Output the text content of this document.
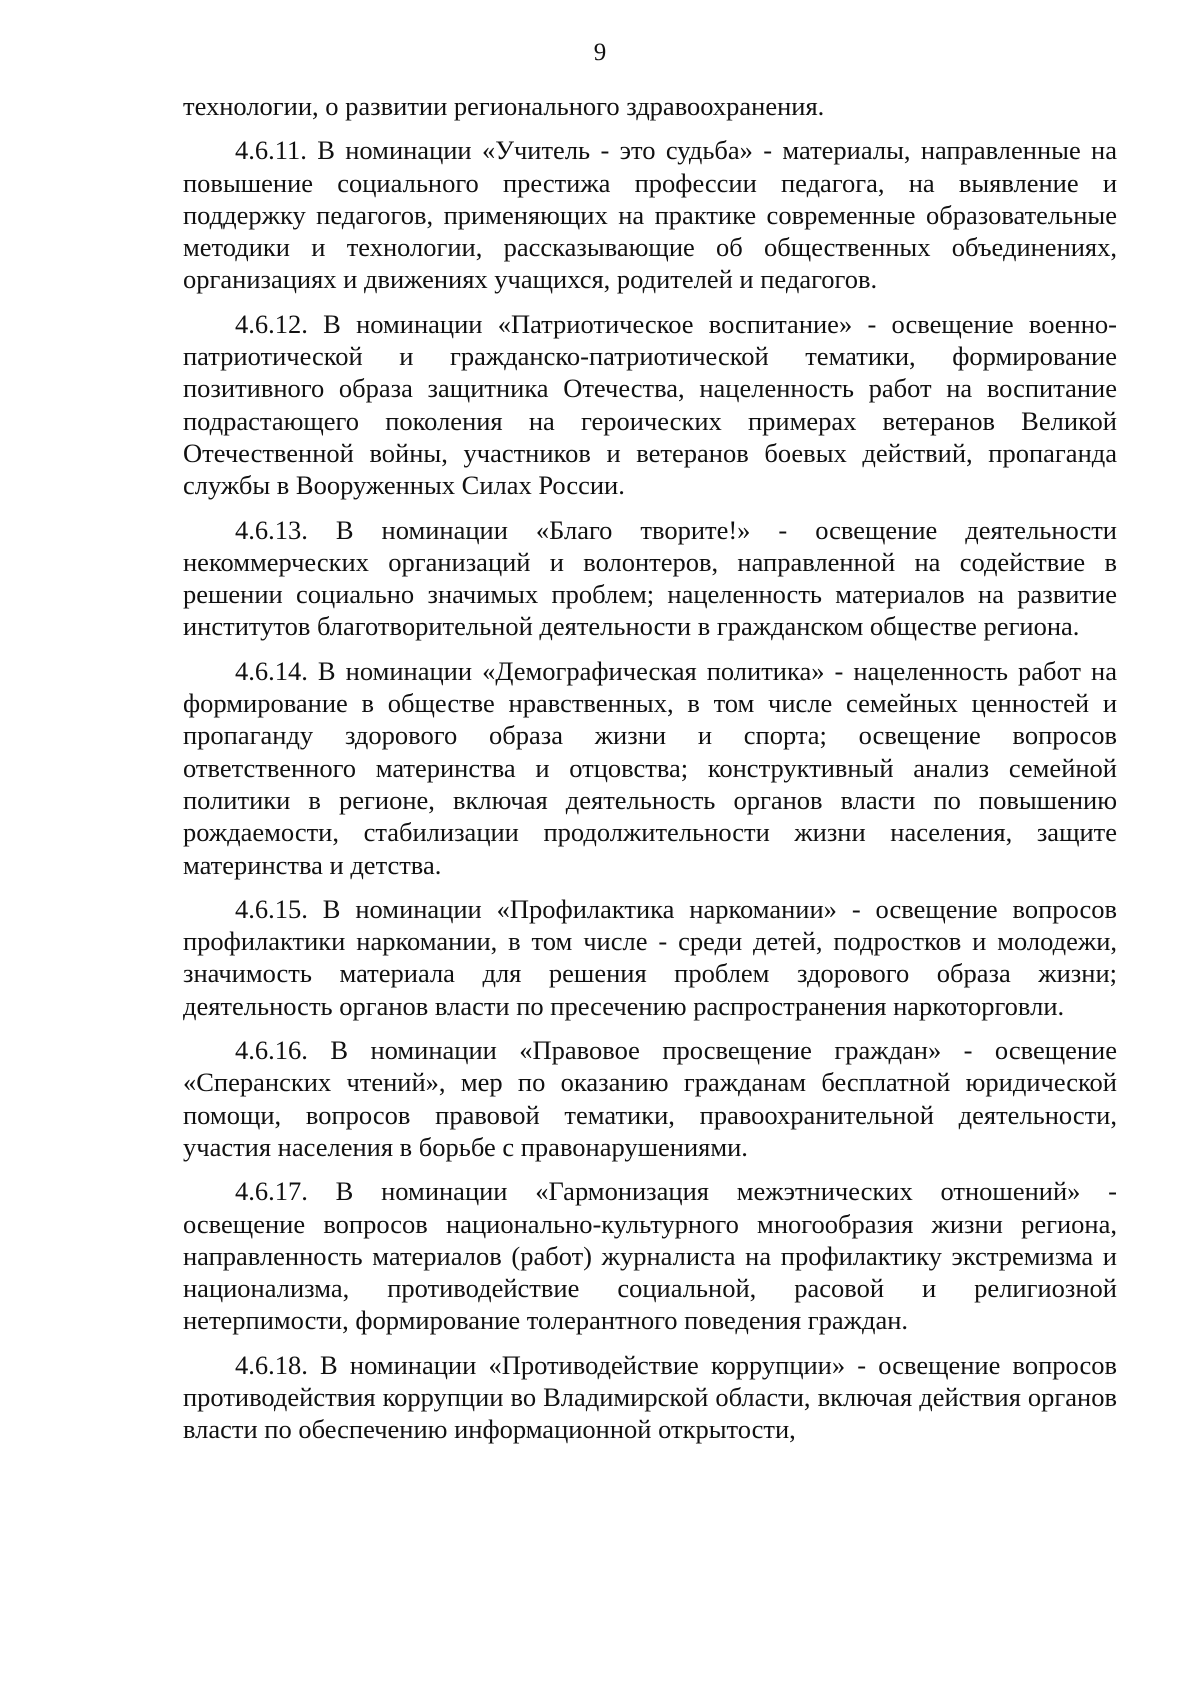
9

технологии, о развитии регионального здравоохранения.

4.6.11. В номинации «Учитель - это судьба» - материалы, направленные на повышение социального престижа профессии педагога, на выявление и поддержку педагогов, применяющих на практике современные образовательные методики и технологии, рассказывающие об общественных объединениях, организациях и движениях учащихся, родителей и педагогов.

4.6.12. В номинации «Патриотическое воспитание» - освещение военно-патриотической и гражданско-патриотической тематики, формирование позитивного образа защитника Отечества, нацеленность работ на воспитание подрастающего поколения на героических примерах ветеранов Великой Отечественной войны, участников и ветеранов боевых действий, пропаганда службы в Вооруженных Силах России.

4.6.13. В номинации «Благо творите!» - освещение деятельности некоммерческих организаций и волонтеров, направленной на содействие в решении социально значимых проблем; нацеленность материалов на развитие институтов благотворительной деятельности в гражданском обществе региона.

4.6.14. В номинации «Демографическая политика» - нацеленность работ на формирование в обществе нравственных, в том числе семейных ценностей и пропаганду здорового образа жизни и спорта; освещение вопросов ответственного материнства и отцовства; конструктивный анализ семейной политики в регионе, включая деятельность органов власти по повышению рождаемости, стабилизации продолжительности жизни населения, защите материнства и детства.

4.6.15. В номинации «Профилактика наркомании» - освещение вопросов профилактики наркомании, в том числе - среди детей, подростков и молодежи, значимость материала для решения проблем здорового образа жизни; деятельность органов власти по пресечению распространения наркоторговли.

4.6.16. В номинации «Правовое просвещение граждан» - освещение «Сперанских чтений», мер по оказанию гражданам бесплатной юридической помощи, вопросов правовой тематики, правоохранительной деятельности, участия населения в борьбе с правонарушениями.

4.6.17. В номинации «Гармонизация межэтнических отношений» - освещение вопросов национально-культурного многообразия жизни региона, направленность материалов (работ) журналиста на профилактику экстремизма и национализма, противодействие социальной, расовой и религиозной нетерпимости, формирование толерантного поведения граждан.

4.6.18. В номинации «Противодействие коррупции» - освещение вопросов противодействия коррупции во Владимирской области, включая действия органов власти по обеспечению информационной открытости,
